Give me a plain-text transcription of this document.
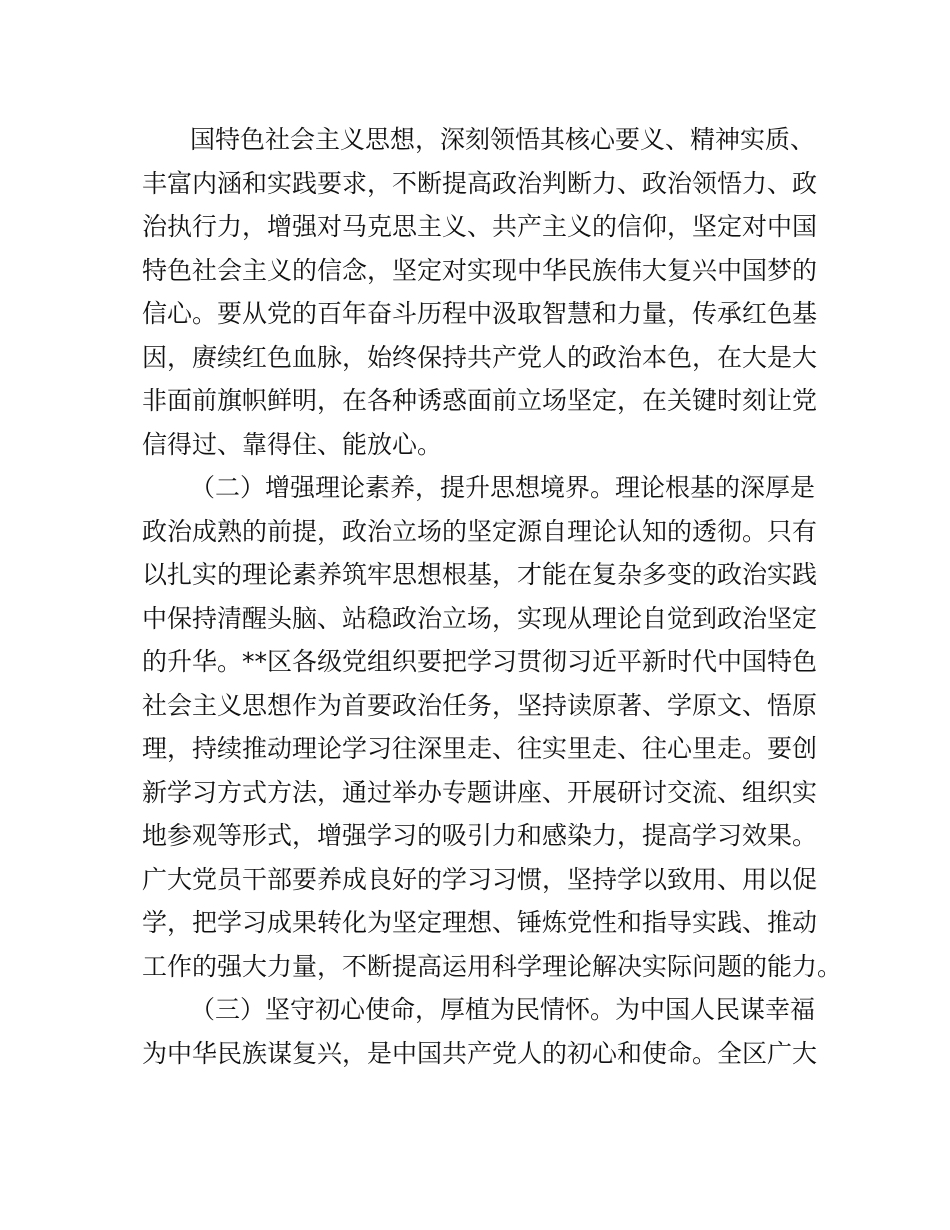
国特色社会主义思想，深刻领悟其核心要义、精神实质、
丰富内涵和实践要求，不断提高政治判断力、政治领悟力、政
治执行力，增强对马克思主义、共产主义的信仰，坚定对中国
特色社会主义的信念，坚定对实现中华民族伟大复兴中国梦的
信心。要从党的百年奋斗历程中汲取智慧和力量，传承红色基
因，赓续红色血脉，始终保持共产党人的政治本色，在大是大
非面前旗帜鲜明，在各种诱惑面前立场坚定，在关键时刻让党
信得过、靠得住、能放心。
（二）增强理论素养，提升思想境界。理论根基的深厚是
政治成熟的前提，政治立场的坚定源自理论认知的透彻。只有
以扎实的理论素养筑牢思想根基，才能在复杂多变的政治实践
中保持清醒头脑、站稳政治立场，实现从理论自觉到政治坚定
的升华。**区各级党组织要把学习贯彻习近平新时代中国特色
社会主义思想作为首要政治任务，坚持读原著、学原文、悟原
理，持续推动理论学习往深里走、往实里走、往心里走。要创
新学习方式方法，通过举办专题讲座、开展研讨交流、组织实
地参观等形式，增强学习的吸引力和感染力，提高学习效果。
广大党员干部要养成良好的学习习惯，坚持学以致用、用以促
学，把学习成果转化为坚定理想、锤炼党性和指导实践、推动
工作的强大力量，不断提高运用科学理论解决实际问题的能力。
（三）坚守初心使命，厚植为民情怀。为中国人民谋幸福
为中华民族谋复兴，是中国共产党人的初心和使命。全区广大
